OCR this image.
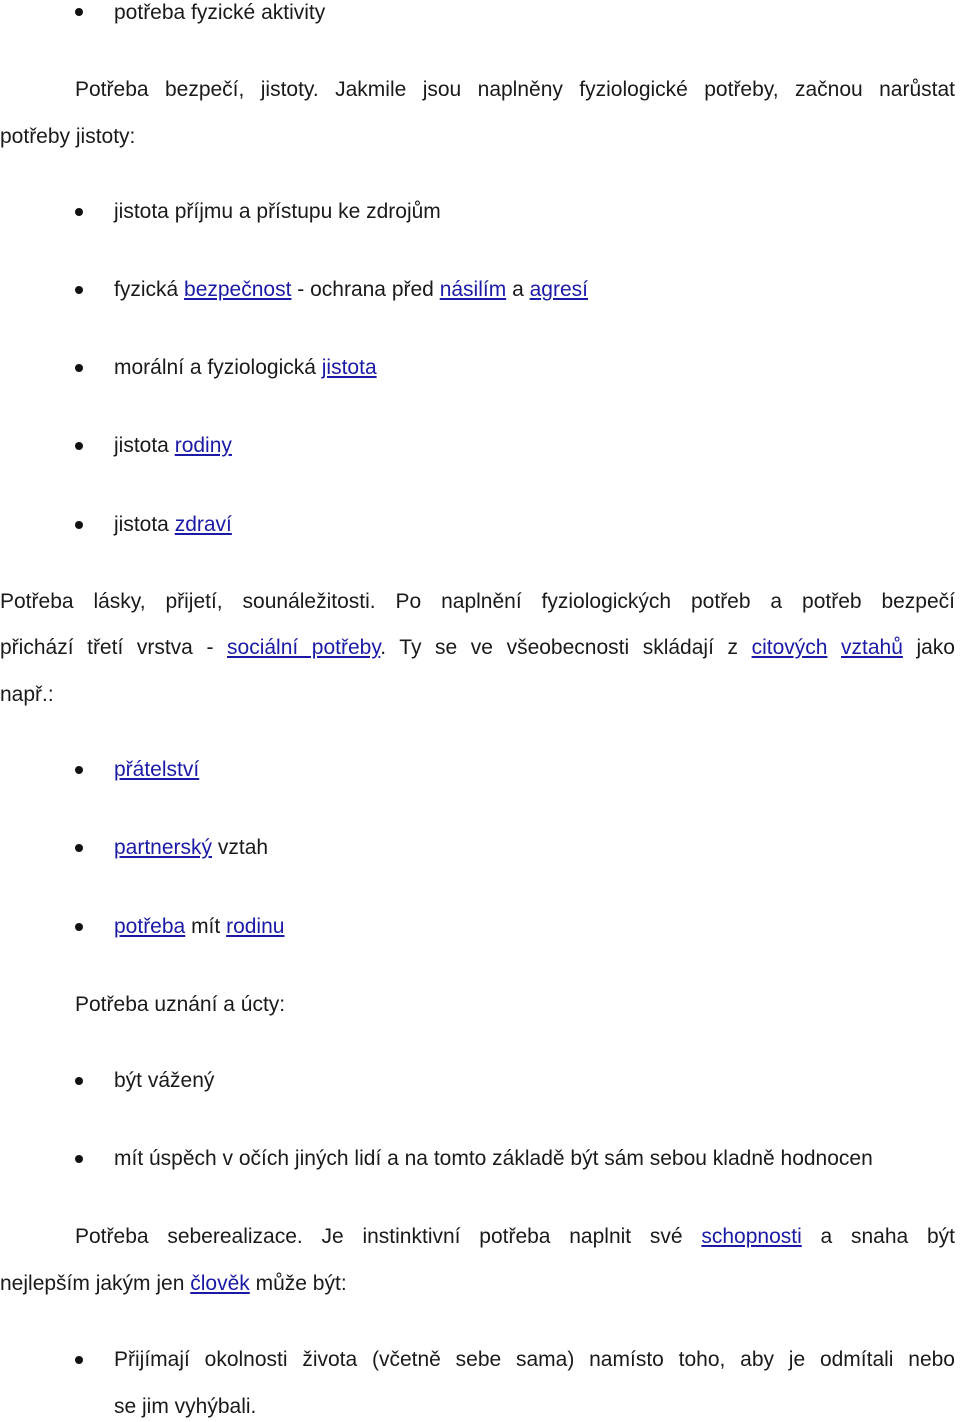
potřeba fyzické aktivity
Potřeba bezpečí, jistoty. Jakmile jsou naplněny fyziologické potřeby, začnou narůstat
potřeby jistoty:
jistota příjmu a přístupu ke zdrojům
fyzická bezpečnost - ochrana před násilím a agresí
morální a fyziologická jistota
jistota rodiny
jistota zdraví
Potřeba lásky, přijetí, sounáležitosti. Po naplnění fyziologických potřeb a potřeb bezpečí
přichází třetí vrstva - sociální potřeby. Ty se ve všeobecnosti skládají z citových vztahů jako
např.:
přátelství
partnerský vztah
potřeba mít rodinu
Potřeba uznání a úcty:
být vážený
mít úspěch v očích jiných lidí a na tomto základě být sám sebou kladně hodnocen
Potřeba seberealizace. Je instinktivní potřeba naplnit své schopnosti a snaha být
nejlepším jakým jen člověk může být:
Přijímají okolnosti života (včetně sebe sama) namísto toho, aby je odmítali nebo
se jim vyhýbali.
